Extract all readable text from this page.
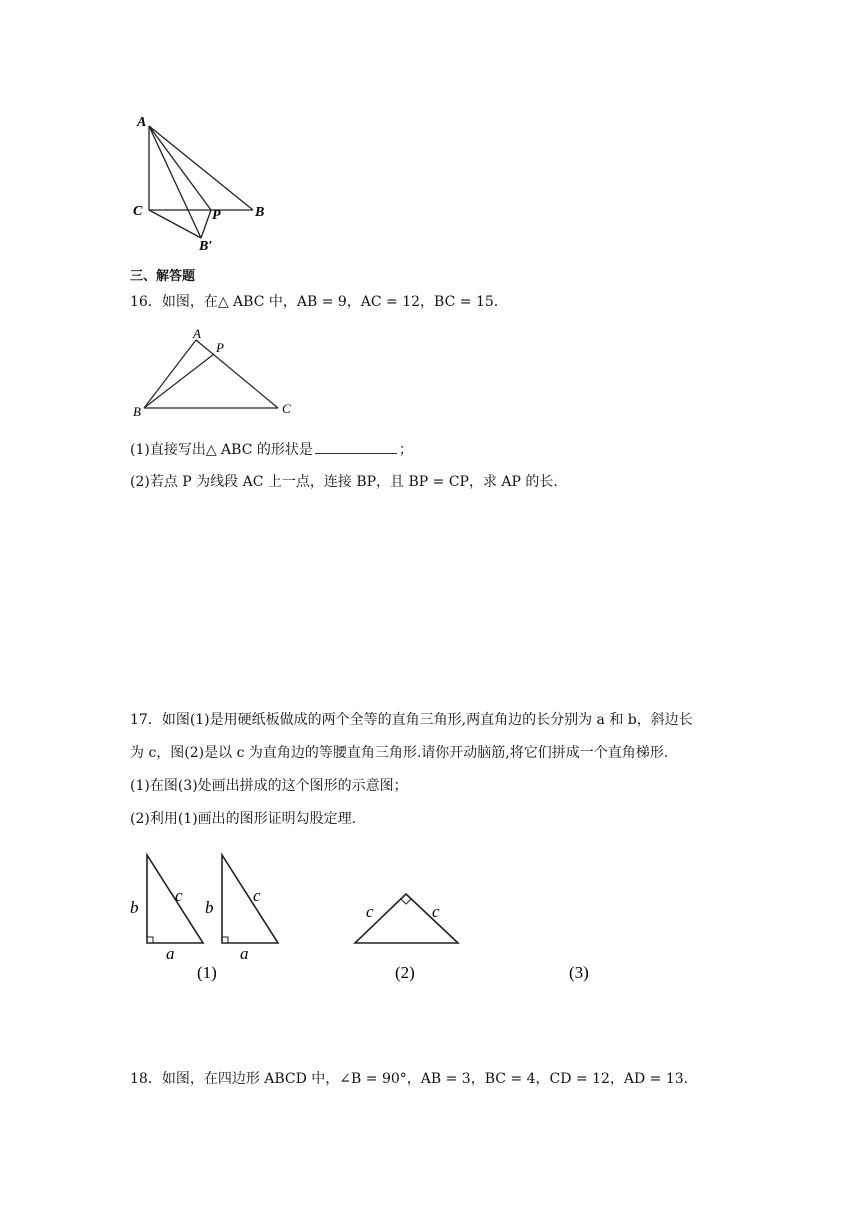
A
C	P B
B′
三、解答题
16．如图，在△ ABC 中，AB = 9，AC = 12，BC = 15.
A
P
B	C
(1)直接写出△ ABC 的形状是	；
(2)若点 P 为线段 AC 上一点，连接 BP，且 BP = CP，求 AP 的长.
17．如图(1)是用硬纸板做成的两个全等的直角三角形,两直角边的长分别为 a 和 b，斜边长
为 c，图(2)是以 c 为直角边的等腰直角三角形.请你开动脑筋,将它们拼成一个直角梯形.
(1)在图(3)处画出拼成的这个图形的示意图；
(2)利用(1)画出的图形证明勾股定理.
b
c
a
b
c
a
c	c
(1)	(2)	(3)
18．如图，在四边形 ABCD 中，∠B = 90°，AB = 3，BC = 4，CD = 12，AD = 13.
